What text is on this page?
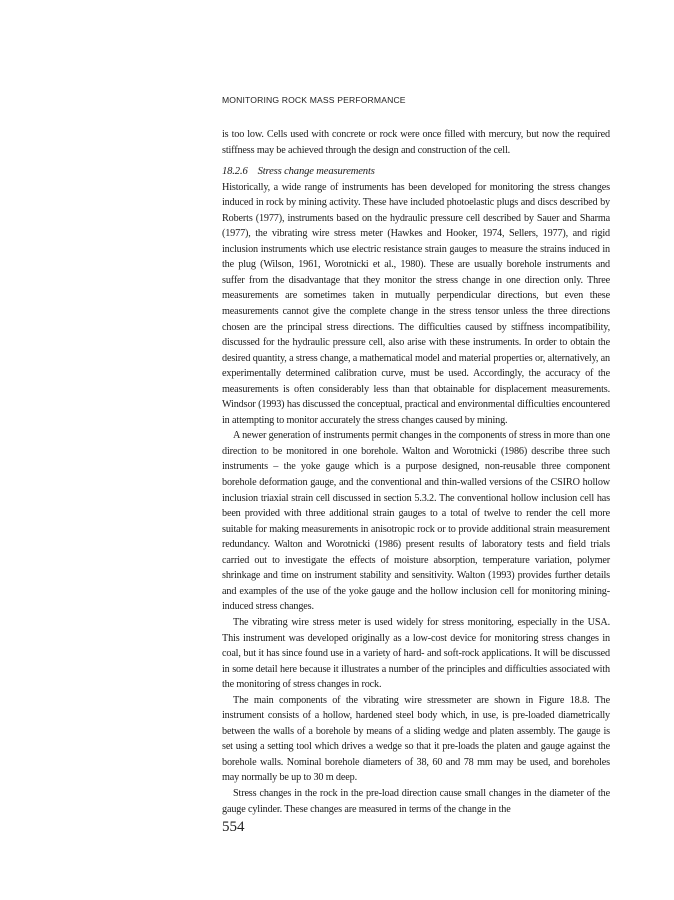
MONITORING ROCK MASS PERFORMANCE

is too low. Cells used with concrete or rock were once filled with mercury, but now the required stiffness may be achieved through the design and construction of the cell.

18.2.6 Stress change measurements

Historically, a wide range of instruments has been developed for monitoring the stress changes induced in rock by mining activity. These have included photoelastic plugs and discs described by Roberts (1977), instruments based on the hydraulic pressure cell described by Sauer and Sharma (1977), the vibrating wire stress meter (Hawkes and Hooker, 1974, Sellers, 1977), and rigid inclusion instruments which use electric resistance strain gauges to measure the strains induced in the plug (Wilson, 1961, Worotnicki et al., 1980). These are usually borehole instruments and suffer from the disadvantage that they monitor the stress change in one direction only. Three measurements are sometimes taken in mutually perpendicular directions, but even these measurements cannot give the complete change in the stress tensor unless the three directions chosen are the principal stress directions. The difficulties caused by stiffness incompatibility, discussed for the hydraulic pressure cell, also arise with these instruments. In order to obtain the desired quantity, a stress change, a mathematical model and material properties or, alternatively, an experimentally determined calibration curve, must be used. Accordingly, the accuracy of the measurements is often considerably less than that obtainable for displacement measurements. Windsor (1993) has discussed the conceptual, practical and environmental difficulties encountered in attempting to monitor accurately the stress changes caused by mining.

A newer generation of instruments permit changes in the components of stress in more than one direction to be monitored in one borehole. Walton and Worotnicki (1986) describe three such instruments – the yoke gauge which is a purpose designed, non-reusable three component borehole deformation gauge, and the conventional and thin-walled versions of the CSIRO hollow inclusion triaxial strain cell discussed in section 5.3.2. The conventional hollow inclusion cell has been provided with three additional strain gauges to a total of twelve to render the cell more suitable for making measurements in anisotropic rock or to provide additional strain measurement redundancy. Walton and Worotnicki (1986) present results of laboratory tests and field trials carried out to investigate the effects of moisture absorption, temperature variation, polymer shrinkage and time on instrument stability and sensitivity. Walton (1993) provides further details and examples of the use of the yoke gauge and the hollow inclusion cell for monitoring mining-induced stress changes.

The vibrating wire stress meter is used widely for stress monitoring, especially in the USA. This instrument was developed originally as a low-cost device for monitoring stress changes in coal, but it has since found use in a variety of hard- and soft-rock applications. It will be discussed in some detail here because it illustrates a number of the principles and difficulties associated with the monitoring of stress changes in rock.

The main components of the vibrating wire stressmeter are shown in Figure 18.8. The instrument consists of a hollow, hardened steel body which, in use, is pre-loaded diametrically between the walls of a borehole by means of a sliding wedge and platen assembly. The gauge is set using a setting tool which drives a wedge so that it pre-loads the platen and gauge against the borehole walls. Nominal borehole diameters of 38, 60 and 78 mm may be used, and boreholes may normally be up to 30 m deep.

Stress changes in the rock in the pre-load direction cause small changes in the diameter of the gauge cylinder. These changes are measured in terms of the change in the

554
